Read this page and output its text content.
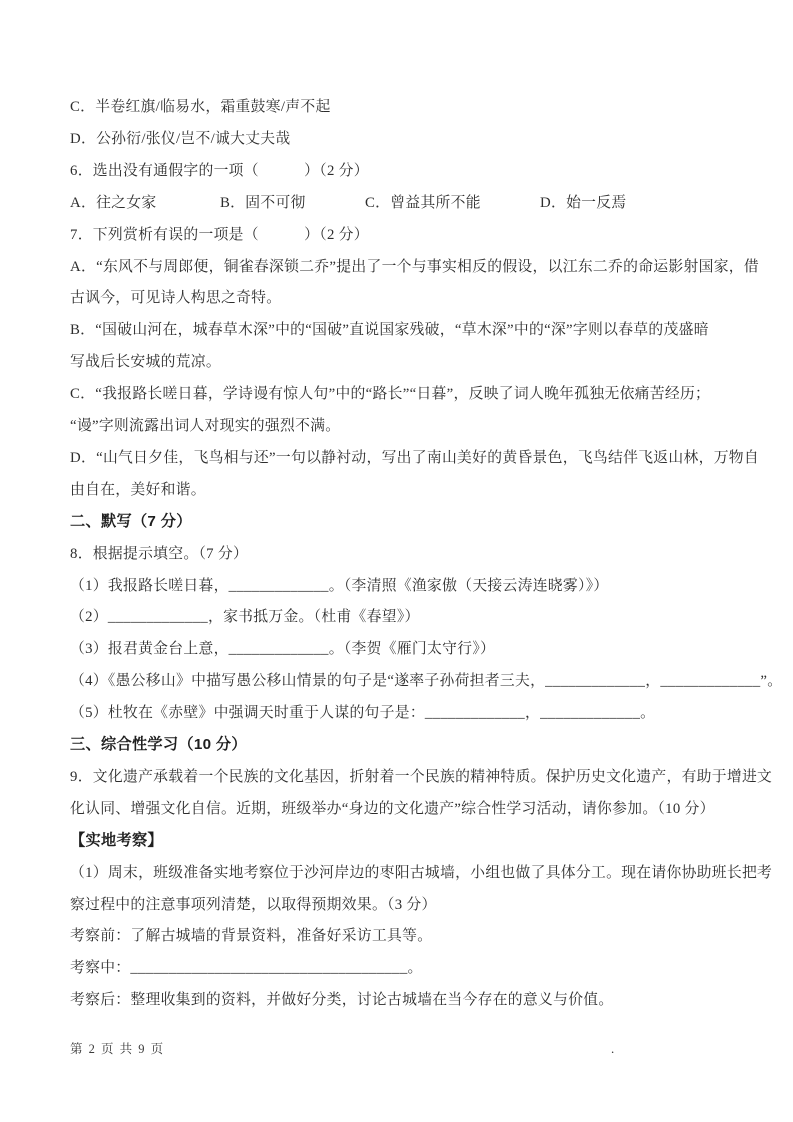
C．半卷红旗/临易水，霜重鼓寒/声不起
D．公孙衍/张仪/岂不/诚大丈夫哉
6．选出没有通假字的一项（　　　）（2 分）
A．往之女家	B．固不可彻	C．曾益其所不能	D．始一反焉
7．下列赏析有误的一项是（　　　）（2 分）
A．“东风不与周郎便，铜雀春深锁二乔”提出了一个与事实相反的假设，以江东二乔的命运影射国家，借
古讽今，可见诗人构思之奇特。
B．“国破山河在，城春草木深”中的“国破”直说国家残破，“草木深”中的“深”字则以春草的茂盛暗
写战后长安城的荒凉。
C．“我报路长嗟日暮，学诗谩有惊人句”中的“路长”“日暮”，反映了词人晚年孤独无依痛苦经历；
“谩”字则流露出词人对现实的强烈不满。
D．“山气日夕佳，飞鸟相与还”一句以静衬动，写出了南山美好的黄昏景色，飞鸟结伴飞返山林，万物自
由自在，美好和谐。
二、默写（7 分）
8．根据提示填空。（7 分）
（1）我报路长嗟日暮，_____________。（李清照《渔家傲（天接云涛连晓雾）》）
（2）_____________，家书抵万金。（杜甫《春望》）
（3）报君黄金台上意，_____________。（李贺《雁门太守行》）
（4）《愚公移山》中描写愚公移山情景的句子是“遂率子孙荷担者三夫，_____________，_____________”。
（5）杜牧在《赤壁》中强调天时重于人谋的句子是：_____________，_____________。
三、综合性学习（10 分）
9．文化遗产承载着一个民族的文化基因，折射着一个民族的精神特质。保护历史文化遗产，有助于增进文
化认同、增强文化自信。近期，班级举办“身边的文化遗产”综合性学习活动，请你参加。（10 分）
【实地考察】
（1）周末，班级准备实地考察位于沙河岸边的枣阳古城墙，小组也做了具体分工。现在请你协助班长把考
察过程中的注意事项列清楚，以取得预期效果。（3 分）
考察前：了解古城墙的背景资料，准备好采访工具等。
考察中：____________________________________。
考察后：整理收集到的资料，并做好分类，讨论古城墙在当今存在的意义与价值。
第 2 页 共 9 页	.
